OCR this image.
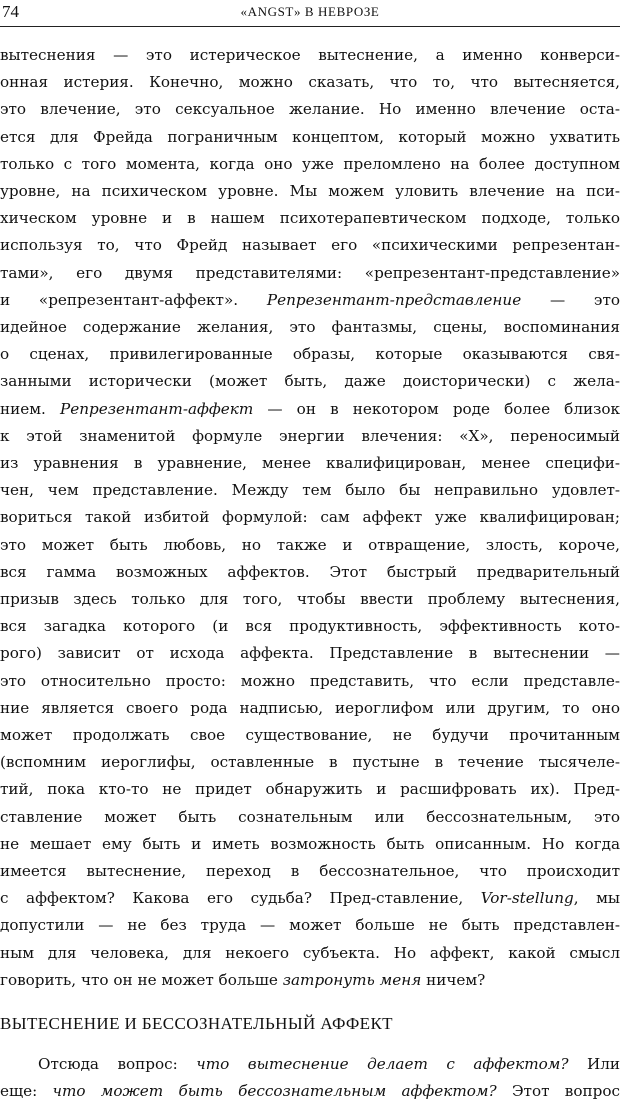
74	«ANGST» В НЕВРОЗЕ
вытеснения — это истерическое вытеснение, а именно конверси-
онная истерия. Конечно, можно сказать, что то, что вытесняется,
это влечение, это сексуальное желание. Но именно влечение оста-
ется для Фрейда пограничным концептом, который можно ухватить
только с того момента, когда оно уже преломлено на более доступном
уровне, на психическом уровне. Мы можем уловить влечение на пси-
хическом уровне и в нашем психотерапевтическом подходе, только
используя то, что Фрейд называет его «психическими репрезентан-
тами», его двумя представителями: «репрезентант-представление»
и «репрезентант-аффект». Репрезентант-представление — это
идейное содержание желания, это фантазмы, сцены, воспоминания
о сценах, привилегированные образы, которые оказываются свя-
занными исторически (может быть, даже доисторически) с жела-
нием. Репрезентант-аффект — он в некотором роде более близок
к этой знаменитой формуле энергии влечения: «Х», переносимый
из уравнения в уравнение, менее квалифицирован, менее специфи-
чен, чем представление. Между тем было бы неправильно удовлет-
вориться такой избитой формулой: сам аффект уже квалифицирован;
это может быть любовь, но также и отвращение, злость, короче,
вся гамма возможных аффектов. Этот быстрый предварительный
призыв здесь только для того, чтобы ввести проблему вытеснения,
вся загадка которого (и вся продуктивность, эффективность кото-
рого) зависит от исхода аффекта. Представление в вытеснении —
это относительно просто: можно представить, что если представле-
ние является своего рода надписью, иероглифом или другим, то оно
может продолжать свое существование, не будучи прочитанным
(вспомним иероглифы, оставленные в пустыне в течение тысячеле-
тий, пока кто-то не придет обнаружить и расшифровать их). Пред-
ставление может быть сознательным или бессознательным, это
не мешает ему быть и иметь возможность быть описанным. Но когда
имеется вытеснение, переход в бессознательное, что происходит
с аффектом? Какова его судьба? Пред-ставление, Vor-stellung, мы
допустили — не без труда — может больше не быть представлен-
ным для человека, для некоего субъекта. Но аффект, какой смысл
говорить, что он не может больше затронуть меня ничем?
ВЫТЕСНЕНИЕ И БЕССОЗНАТЕЛЬНЫЙ АФФЕКТ
Отсюда вопрос: что вытеснение делает с аффектом? Или
еще: что может быть бессознательным аффектом? Этот вопрос
